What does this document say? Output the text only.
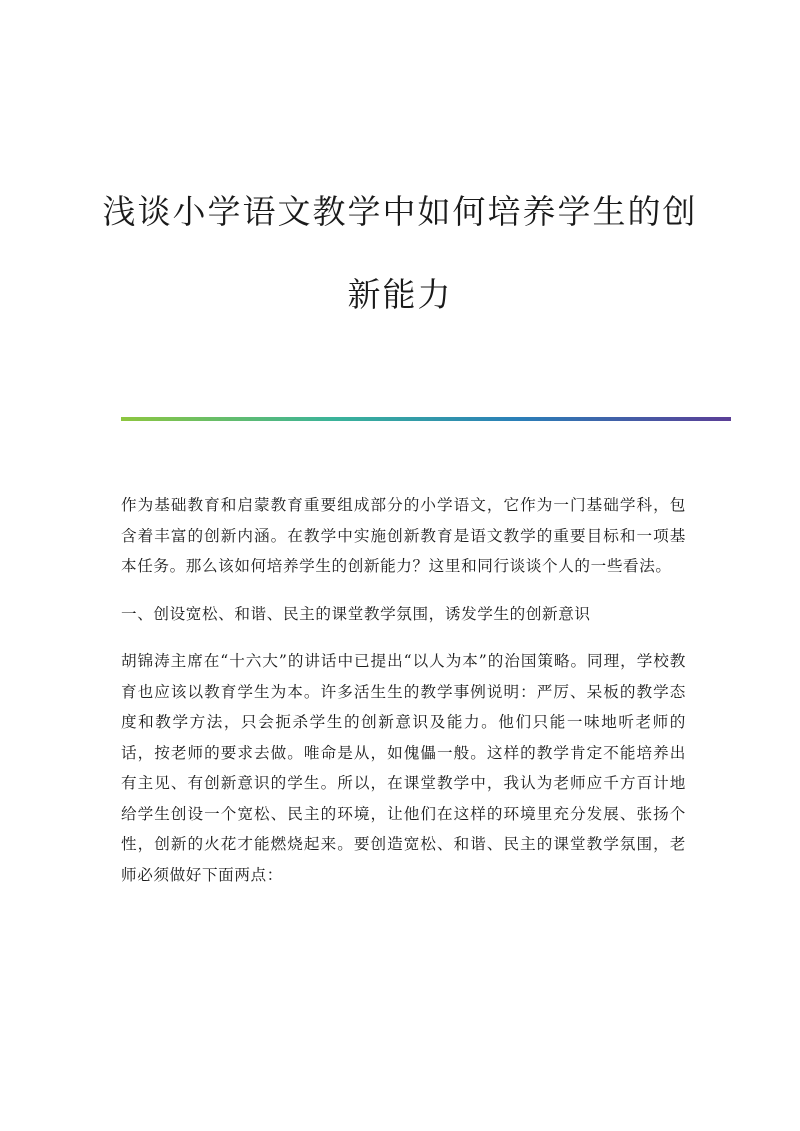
浅谈小学语文教学中如何培养学生的创
新能力

作为基础教育和启蒙教育重要组成部分的小学语文，它作为一门基础学科，包含着丰富的创新内涵。在教学中实施创新教育是语文教学的重要目标和一项基本任务。那么该如何培养学生的创新能力？这里和同行谈谈个人的一些看法。

一、创设宽松、和谐、民主的课堂教学氛围，诱发学生的创新意识

胡锦涛主席在“十六大”的讲话中已提出“以人为本”的治国策略。同理，学校教育也应该以教育学生为本。许多活生生的教学事例说明：严厉、呆板的教学态度和教学方法，只会扼杀学生的创新意识及能力。他们只能一味地听老师的话，按老师的要求去做。唯命是从，如傀儡一般。这样的教学肯定不能培养出有主见、有创新意识的学生。所以，在课堂教学中，我认为老师应千方百计地给学生创设一个宽松、民主的环境，让他们在这样的环境里充分发展、张扬个性，创新的火花才能燃烧起来。要创造宽松、和谐、民主的课堂教学氛围，老师必须做好下面两点：
